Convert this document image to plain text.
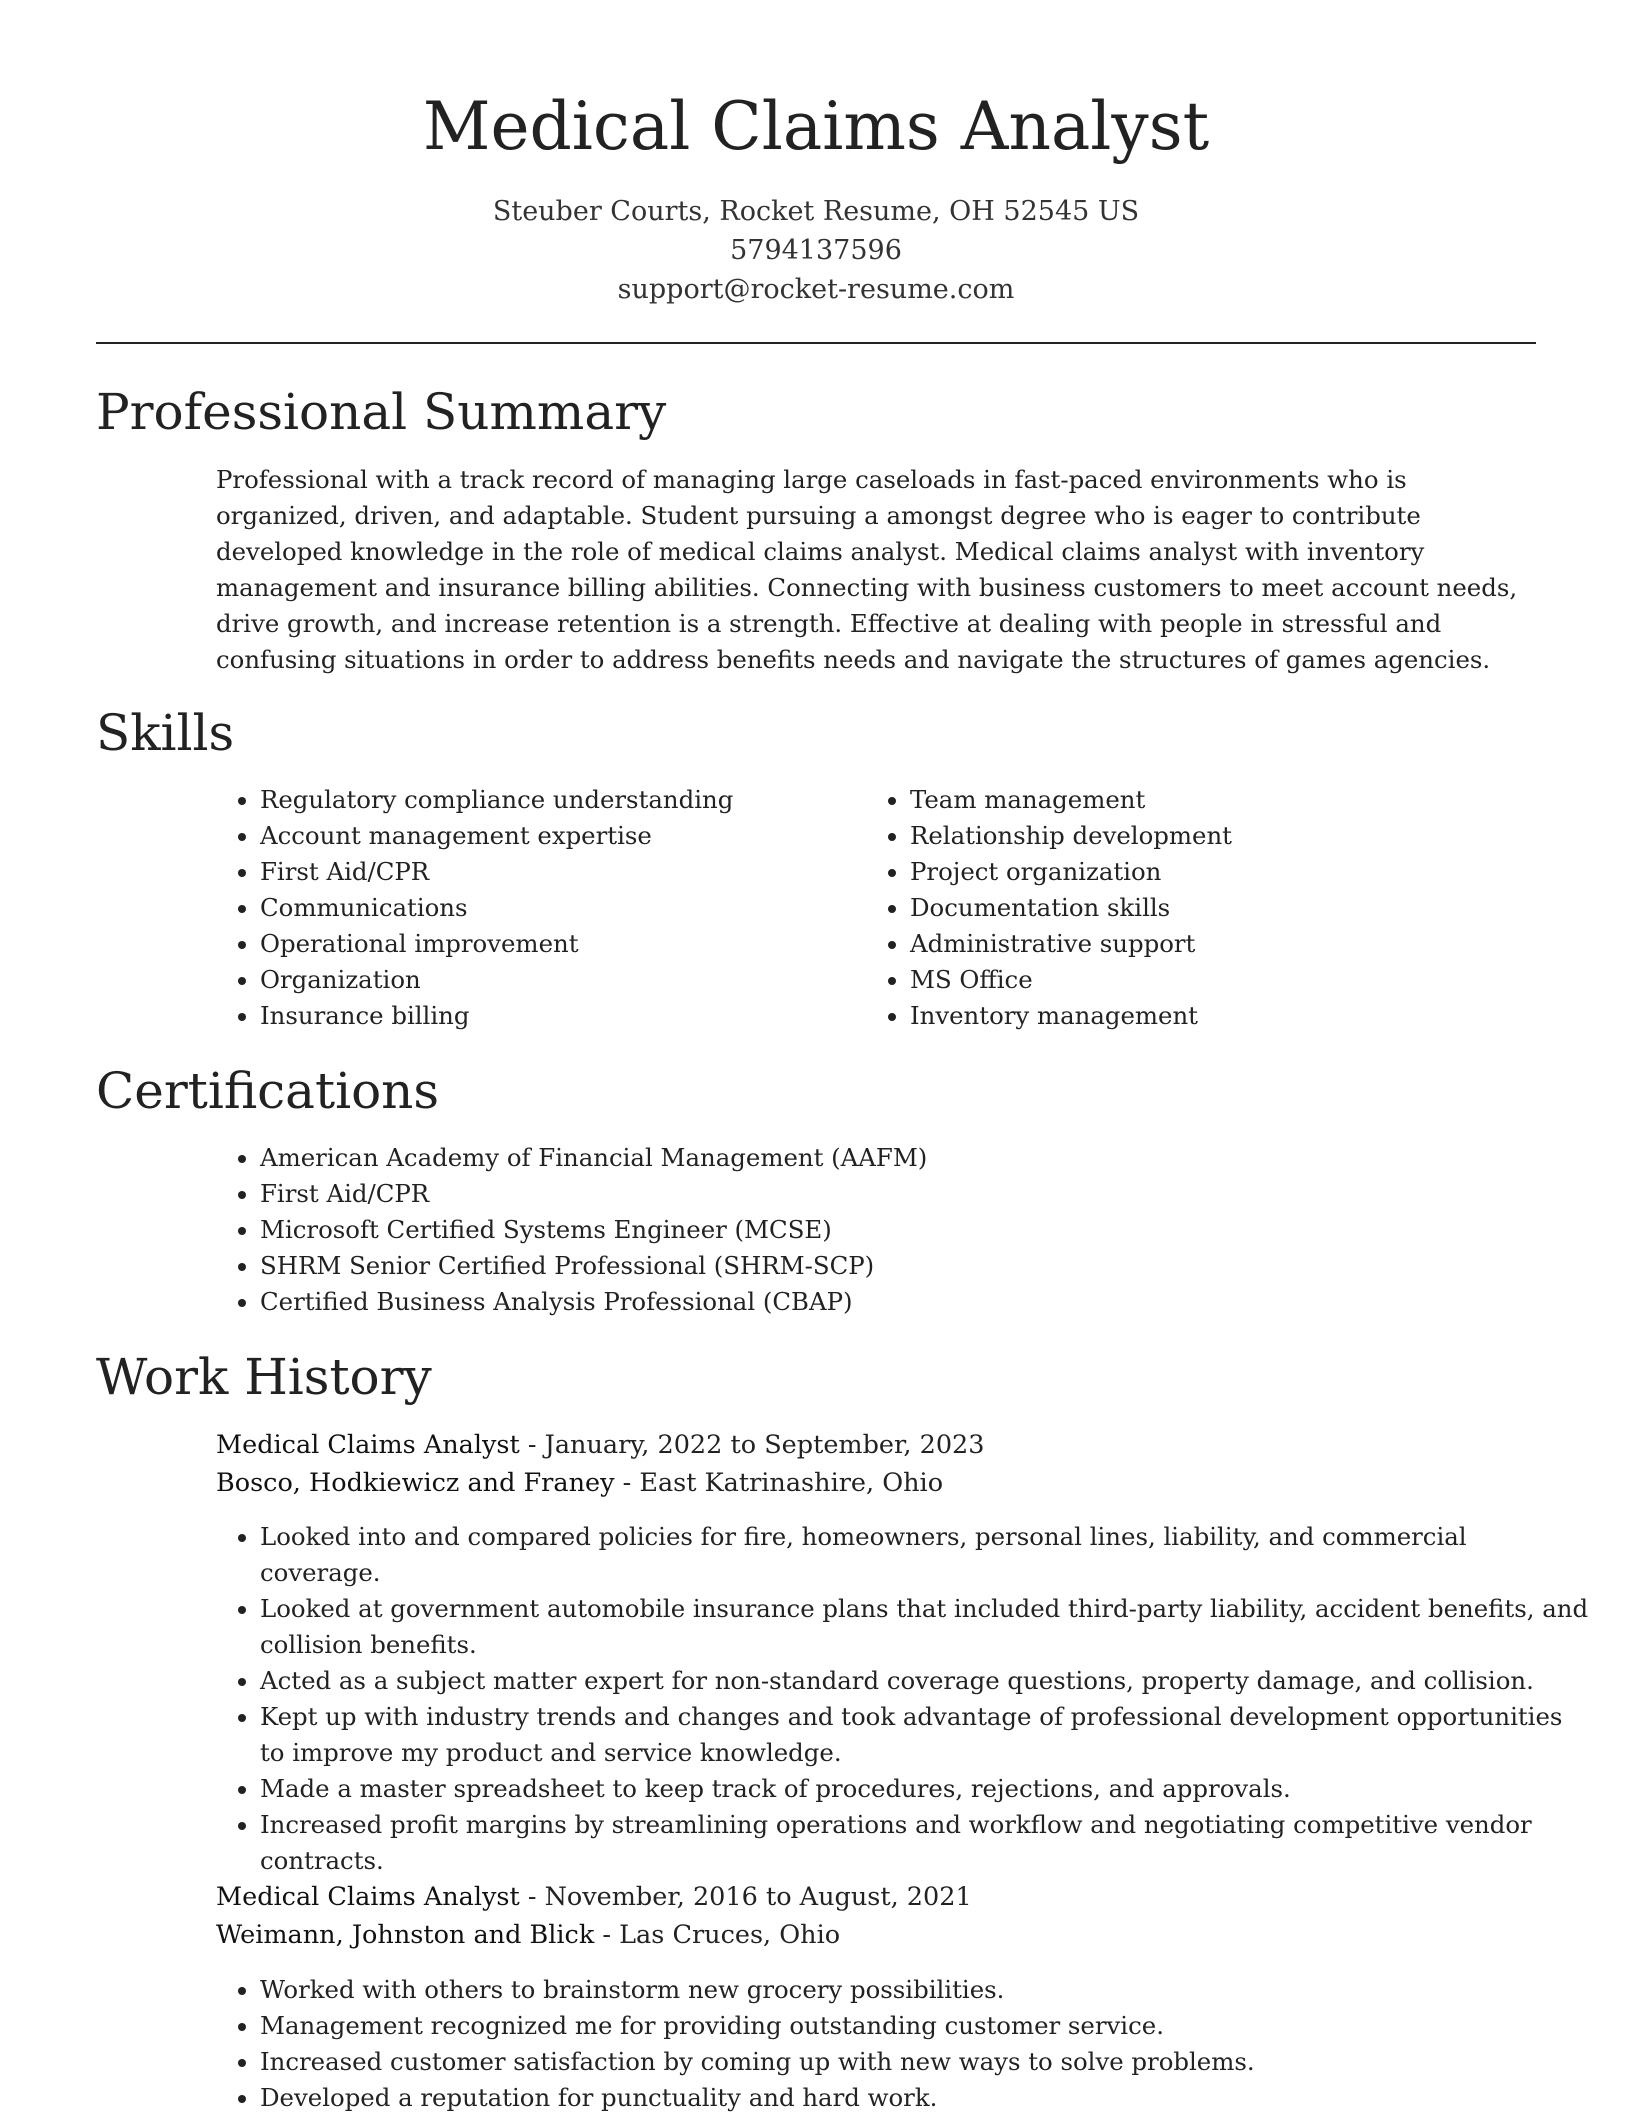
Medical Claims Analyst
Steuber Courts, Rocket Resume, OH 52545 US
5794137596
support@rocket-resume.com
Professional Summary

Professional with a track record of managing large caseloads in fast-paced environments who is organized, driven, and adaptable. Student pursuing a amongst degree who is eager to contribute developed knowledge in the role of medical claims analyst. Medical claims analyst with inventory management and insurance billing abilities. Connecting with business customers to meet account needs, drive growth, and increase retention is a strength. Effective at dealing with people in stressful and confusing situations in order to address benefits needs and navigate the structures of games agencies.

Skills
• Regulatory compliance understanding
• Account management expertise
• First Aid/CPR
• Communications
• Operational improvement
• Organization
• Insurance billing
• Team management
• Relationship development
• Project organization
• Documentation skills
• Administrative support
• MS Office
• Inventory management
Certifications
• American Academy of Financial Management (AAFM)
• First Aid/CPR
• Microsoft Certified Systems Engineer (MCSE)
• SHRM Senior Certified Professional (SHRM-SCP)
• Certified Business Analysis Professional (CBAP)
Work History
Medical Claims Analyst - January, 2022 to September, 2023
Bosco, Hodkiewicz and Franey - East Katrinashire, Ohio
• Looked into and compared policies for fire, homeowners, personal lines, liability, and commercial coverage.
• Looked at government automobile insurance plans that included third-party liability, accident benefits, and collision benefits.
• Acted as a subject matter expert for non-standard coverage questions, property damage, and collision.
• Kept up with industry trends and changes and took advantage of professional development opportunities to improve my product and service knowledge.
• Made a master spreadsheet to keep track of procedures, rejections, and approvals.
• Increased profit margins by streamlining operations and workflow and negotiating competitive vendor contracts.
Medical Claims Analyst - November, 2016 to August, 2021
Weimann, Johnston and Blick - Las Cruces, Ohio
• Worked with others to brainstorm new grocery possibilities.
• Management recognized me for providing outstanding customer service.
• Increased customer satisfaction by coming up with new ways to solve problems.
• Developed a reputation for punctuality and hard work.
